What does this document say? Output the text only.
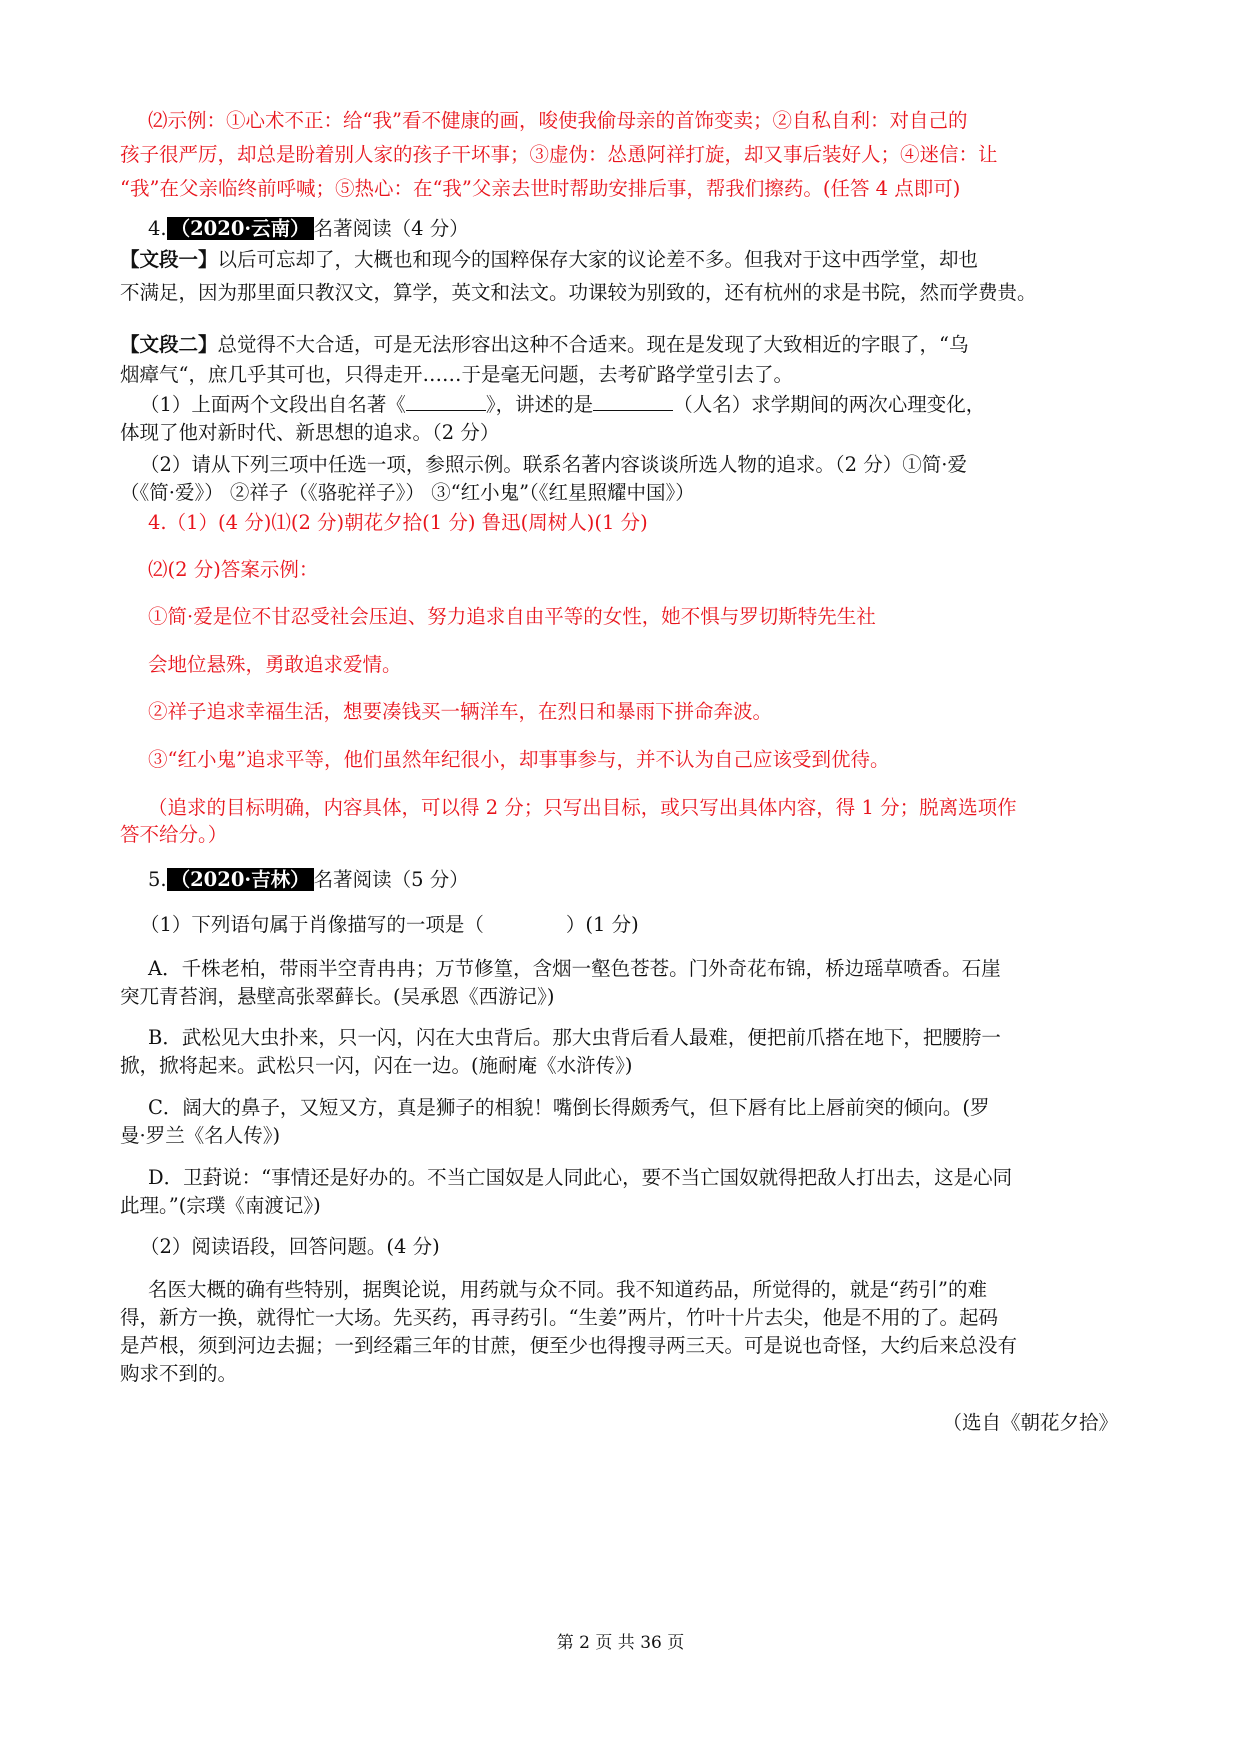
⑵示例：①心术不正：给“我”看不健康的画，唆使我偷母亲的首饰变卖；②自私自利：对自己的
孩子很严厉，却总是盼着别人家的孩子干坏事；③虚伪：怂恿阿祥打旋，却又事后装好人；④迷信：让
“我”在父亲临终前呼喊；⑤热心：在“我”父亲去世时帮助安排后事，帮我们擦药。(任答 4 点即可)
4. （2020·云南） 名著阅读（4 分）
【文段一】以后可忘却了，大概也和现今的国粹保存大家的议论差不多。但我对于这中西学堂，却也
不满足，因为那里面只教汉文，算学，英文和法文。功课较为别致的，还有杭州的求是书院，然而学费贵。
【文段二】总觉得不大合适，可是无法形容出这种不合适来。现在是发现了大致相近的字眼了，“乌
烟瘴气“，庶几乎其可也，只得走开……于是毫无问题，去考矿路学堂引去了。
（1）上面两个文段出自名著《	》，讲述的是	（人名）求学期间的两次心理变化，
体现了他对新时代、新思想的追求。（2 分）
（2）请从下列三项中任选一项，参照示例。联系名著内容谈谈所选人物的追求。（2 分）①简·爱
（《简·爱》） ②祥子（《骆驼祥子》） ③“红小鬼”（《红星照耀中国》）
4.（1）(4 分)⑴(2 分)朝花夕拾(1 分) 鲁迅(周树人)(1 分)
⑵(2 分)答案示例：
①简·爱是位不甘忍受社会压迫、努力追求自由平等的女性，她不惧与罗切斯特先生社
会地位悬殊，勇敢追求爱情。
②祥子追求幸福生活，想要凑钱买一辆洋车，在烈日和暴雨下拼命奔波。
③“红小鬼”追求平等，他们虽然年纪很小，却事事参与，并不认为自己应该受到优待。
（追求的目标明确，内容具体，可以得 2 分；只写出目标，或只写出具体内容，得 1 分；脱离选项作
答不给分。）
5. （2020·吉林） 名著阅读（5 分）
（1）下列语句属于肖像描写的一项是（	）(1 分)
A．千株老柏，带雨半空青冉冉；万节修篁，含烟一壑色苍苍。门外奇花布锦，桥边瑶草喷香。石崖
突兀青苔润，悬壁高张翠藓长。(吴承恩《西游记》)
B．武松见大虫扑来，只一闪，闪在大虫背后。那大虫背后看人最难，便把前爪搭在地下，把腰胯一
掀，掀将起来。武松只一闪，闪在一边。(施耐庵《水浒传》)
C．阔大的鼻子，又短又方，真是狮子的相貌！嘴倒长得颇秀气，但下唇有比上唇前突的倾向。(罗
曼·罗兰《名人传》)
D．卫葑说：“事情还是好办的。不当亡国奴是人同此心，要不当亡国奴就得把敌人打出去，这是心同
此理。”(宗璞《南渡记》)
（2）阅读语段，回答问题。(4 分)
名医大概的确有些特别，据舆论说，用药就与众不同。我不知道药品，所觉得的，就是“药引”的难
得，新方一换，就得忙一大场。先买药，再寻药引。“生姜”两片，竹叶十片去尖，他是不用的了。起码
是芦根，须到河边去掘；一到经霜三年的甘蔗，便至少也得搜寻两三天。可是说也奇怪，大约后来总没有
购求不到的。
（选自《朝花夕拾》
第 2 页 共 36 页
